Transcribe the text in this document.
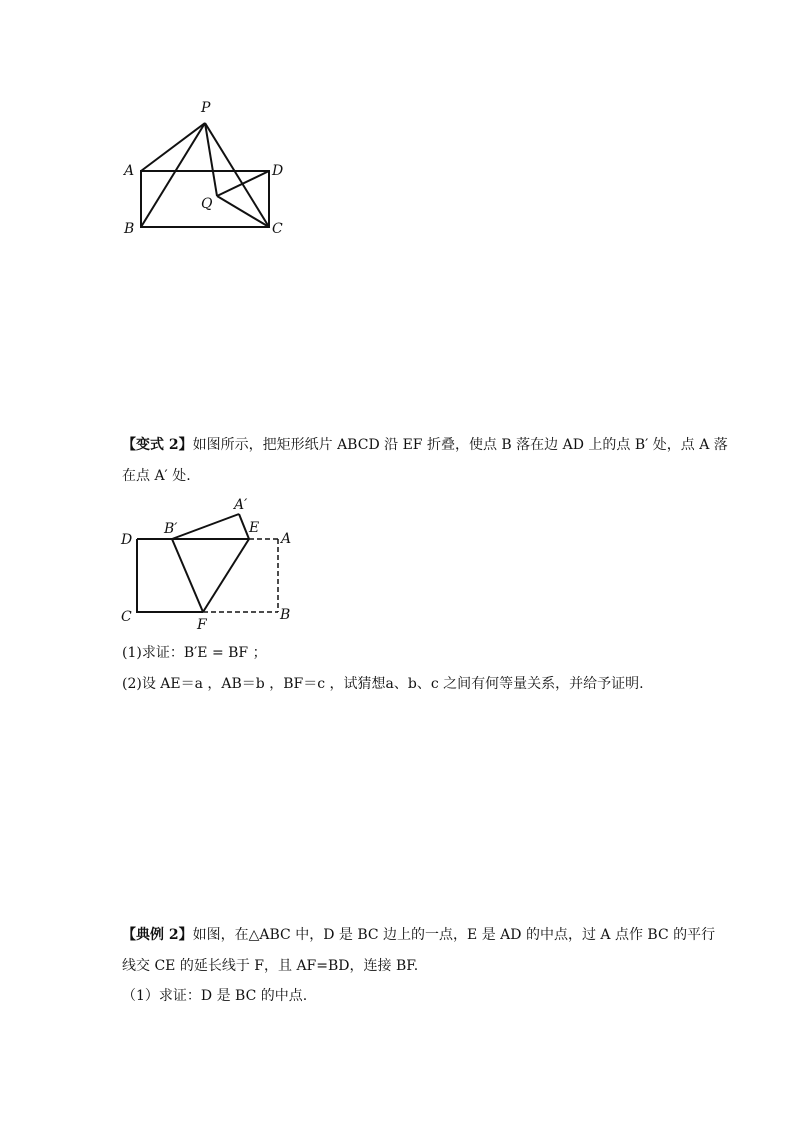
P
A	D
Q
B	C
【变式 2】如图所示，把矩形纸片 ABCD 沿 EF 折叠，使点 B 落在边 AD 上的点 B′ 处，点 A 落
在点 A′ 处.
D
B′
A′
E
A
C	F
B
(1)求证：B′E = BF ；
(2)设 AE＝a ，AB＝b ，BF＝c ，试猜想a、b、c 之间有何等量关系，并给予证明.
【典例 2】如图，在△ABC 中，D 是 BC 边上的一点，E 是 AD 的中点，过 A 点作 BC 的平行
线交 CE 的延长线于 F，且 AF=BD，连接 BF.
（1）求证：D 是 BC 的中点.
